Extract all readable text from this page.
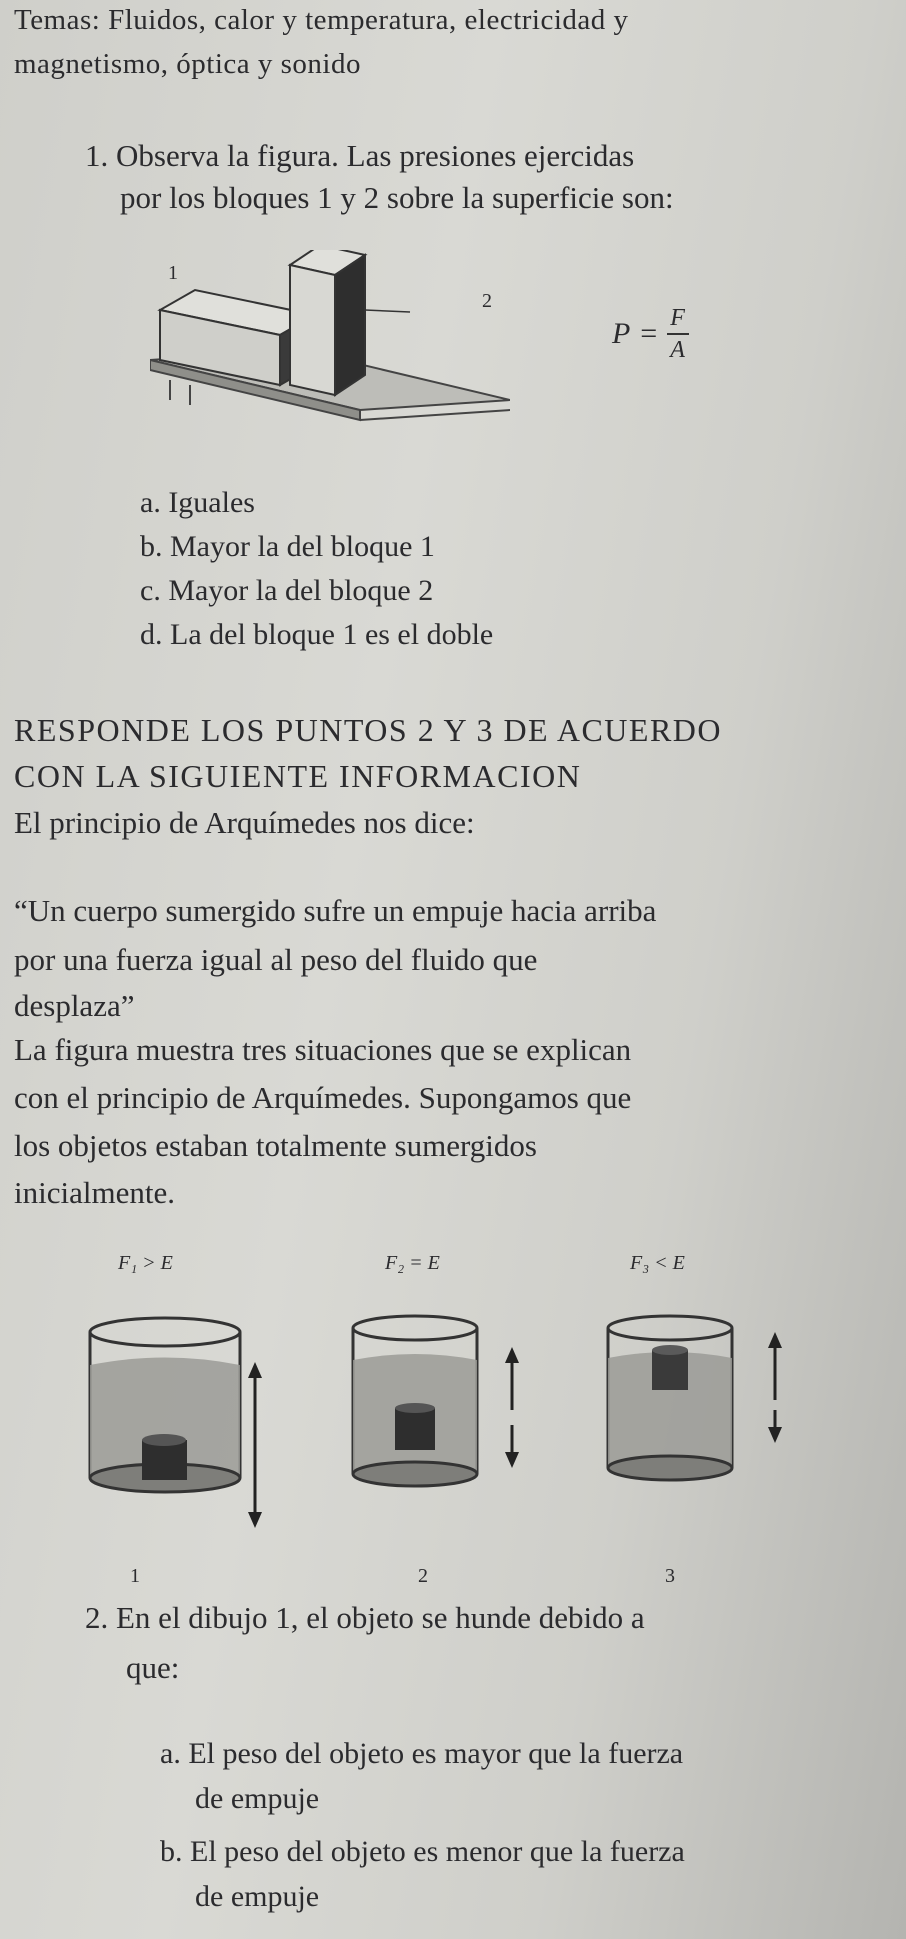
Temas: Fluidos, calor y temperatura, electricidad y
magnetismo, óptica y sonido
1. Observa la figura. Las presiones ejercidas
por los bloques 1 y 2 sobre la superficie son:
1
2
$P = \frac{F}{A}$
a. Iguales
b. Mayor la del bloque 1
c. Mayor la del bloque 2
d. La del bloque 1 es el doble
RESPONDE LOS PUNTOS 2 Y 3 DE ACUERDO
CON LA SIGUIENTE INFORMACION
El principio de Arquímedes nos dice:
“Un cuerpo sumergido sufre un empuje hacia arriba
por una fuerza igual al peso del fluido que
desplaza”
La figura muestra tres situaciones que se explican
con el principio de Arquímedes. Supongamos que
los objetos estaban totalmente sumergidos
inicialmente.
F₁ > E	F₂ = E	F₃ < E
1	2	3
2. En el dibujo 1, el objeto se hunde debido a
que:
a. El peso del objeto es mayor que la fuerza
de empuje
b. El peso del objeto es menor que la fuerza
de empuje
